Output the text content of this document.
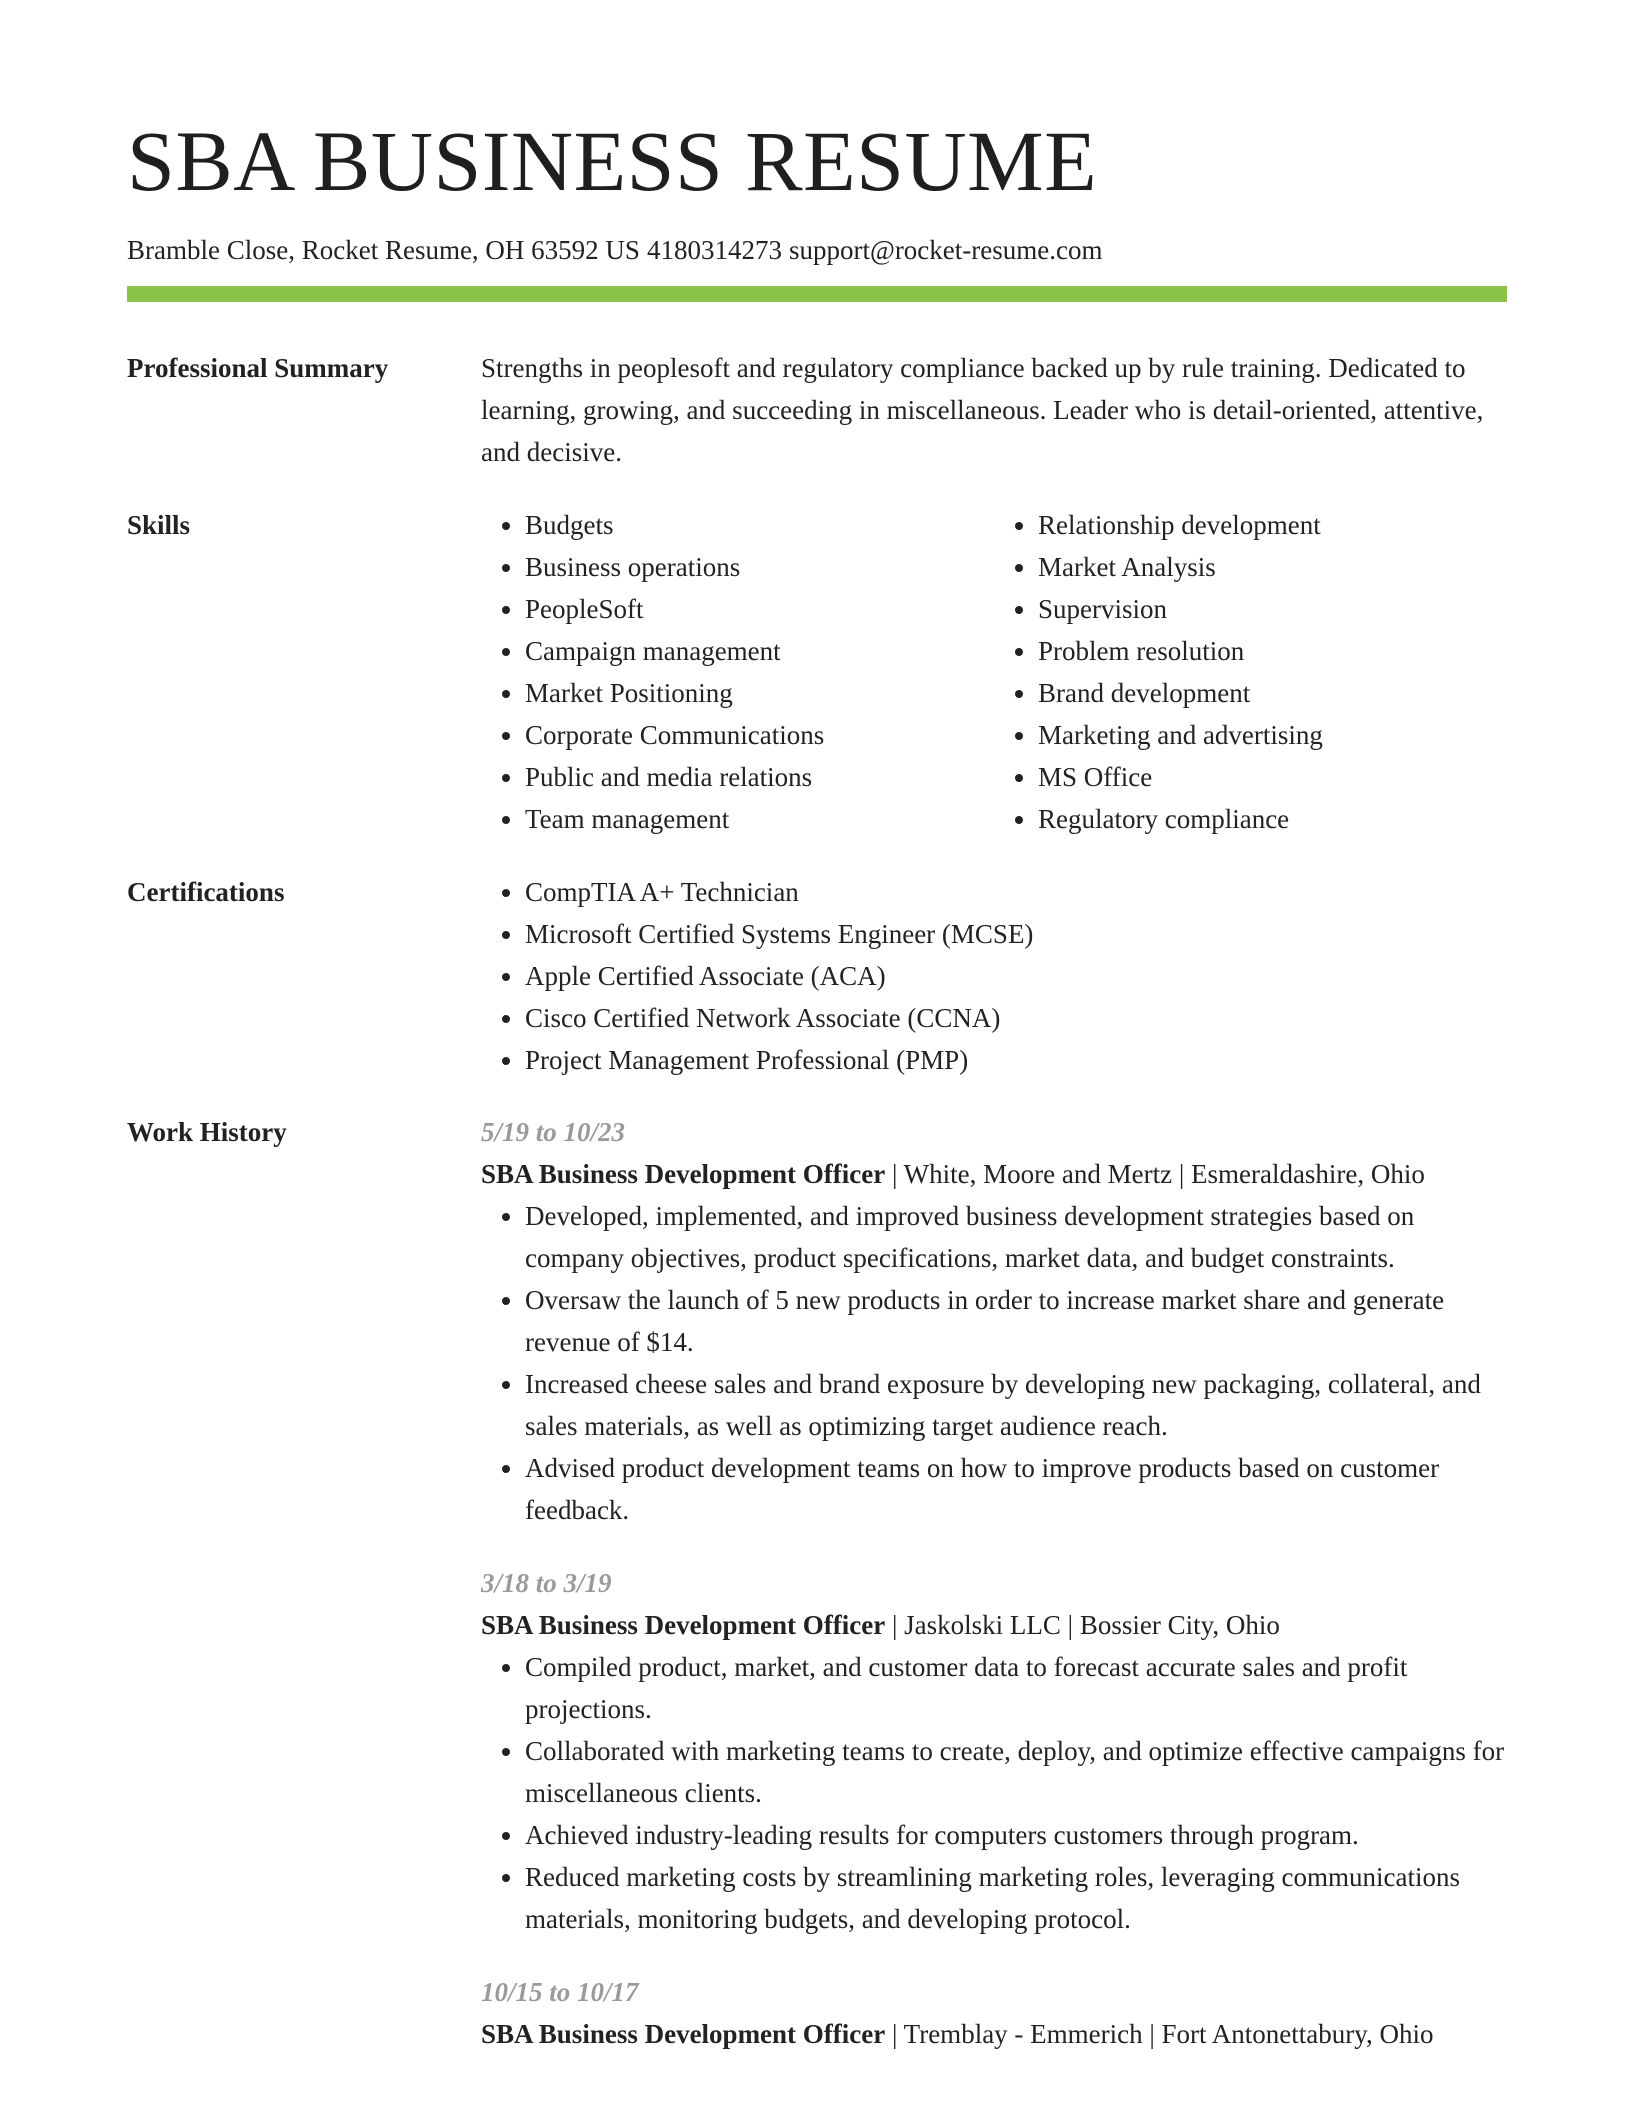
SBA BUSINESS RESUME
Bramble Close, Rocket Resume, OH 63592 US 4180314273 support@rocket-resume.com
Professional Summary	Strengths in peoplesoft and regulatory compliance backed up by rule training. Dedicated to learning, growing, and succeeding in miscellaneous. Leader who is detail-oriented, attentive, and decisive.

Skills	• Budgets
• Business operations
• PeopleSoft
• Campaign management
• Market Positioning
• Corporate Communications
• Public and media relations
• Team management
• Relationship development
• Market Analysis
• Supervision
• Problem resolution
• Brand development
• Marketing and advertising
• MS Office
• Regulatory compliance
Certifications	• CompTIA A+ Technician
• Microsoft Certified Systems Engineer (MCSE)
• Apple Certified Associate (ACA)
• Cisco Certified Network Associate (CCNA)
• Project Management Professional (PMP)
Work History	5/19 to 10/23
SBA Business Development Officer | White, Moore and Mertz | Esmeraldashire, Ohio
• Developed, implemented, and improved business development strategies based on company objectives, product specifications, market data, and budget constraints.
• Oversaw the launch of 5 new products in order to increase market share and generate revenue of $14.
• Increased cheese sales and brand exposure by developing new packaging, collateral, and sales materials, as well as optimizing target audience reach.
• Advised product development teams on how to improve products based on customer feedback.
3/18 to 3/19
SBA Business Development Officer | Jaskolski LLC | Bossier City, Ohio
• Compiled product, market, and customer data to forecast accurate sales and profit projections.
• Collaborated with marketing teams to create, deploy, and optimize effective campaigns for miscellaneous clients.
• Achieved industry-leading results for computers customers through program.
• Reduced marketing costs by streamlining marketing roles, leveraging communications materials, monitoring budgets, and developing protocol.
10/15 to 10/17
SBA Business Development Officer | Tremblay - Emmerich | Fort Antonettabury, Ohio
